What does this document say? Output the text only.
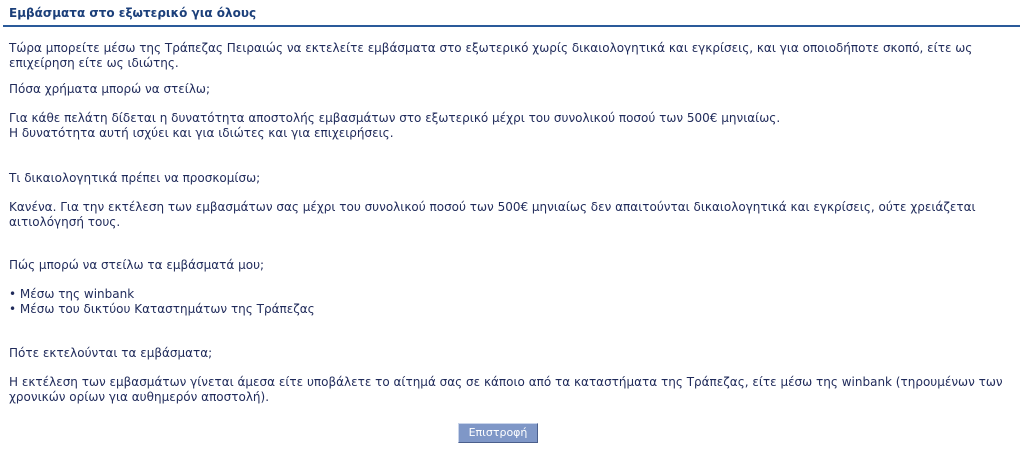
Εμβάσματα στο εξωτερικό για όλους
Τώρα μπορείτε μέσω της Τράπεζας Πειραιώς να εκτελείτε εμβάσματα στο εξωτερικό χωρίς δικαιολογητικά και εγκρίσεις, και για οποιοδήποτε σκοπό, είτε ως
επιχείρηση είτε ως ιδιώτης.
Πόσα χρήματα μπορώ να στείλω;
Για κάθε πελάτη δίδεται η δυνατότητα αποστολής εμβασμάτων στο εξωτερικό μέχρι του συνολικού ποσού των 500€ μηνιαίως.
Η δυνατότητα αυτή ισχύει και για ιδιώτες και για επιχειρήσεις.
Τι δικαιολογητικά πρέπει να προσκομίσω;
Κανένα. Για την εκτέλεση των εμβασμάτων σας μέχρι του συνολικού ποσού των 500€ μηνιαίως δεν απαιτούνται δικαιολογητικά και εγκρίσεις, ούτε χρειάζεται
αιτιολόγησή τους.
Πώς μπορώ να στείλω τα εμβάσματά μου;
• Μέσω της winbank
• Μέσω του δικτύου Καταστημάτων της Τράπεζας
Πότε εκτελούνται τα εμβάσματα;
Η εκτέλεση των εμβασμάτων γίνεται άμεσα είτε υποβάλετε το αίτημά σας σε κάποιο από τα καταστήματα της Τράπεζας, είτε μέσω της winbank (τηρουμένων των
χρονικών ορίων για αυθημερόν αποστολή).
Επιστροφή
